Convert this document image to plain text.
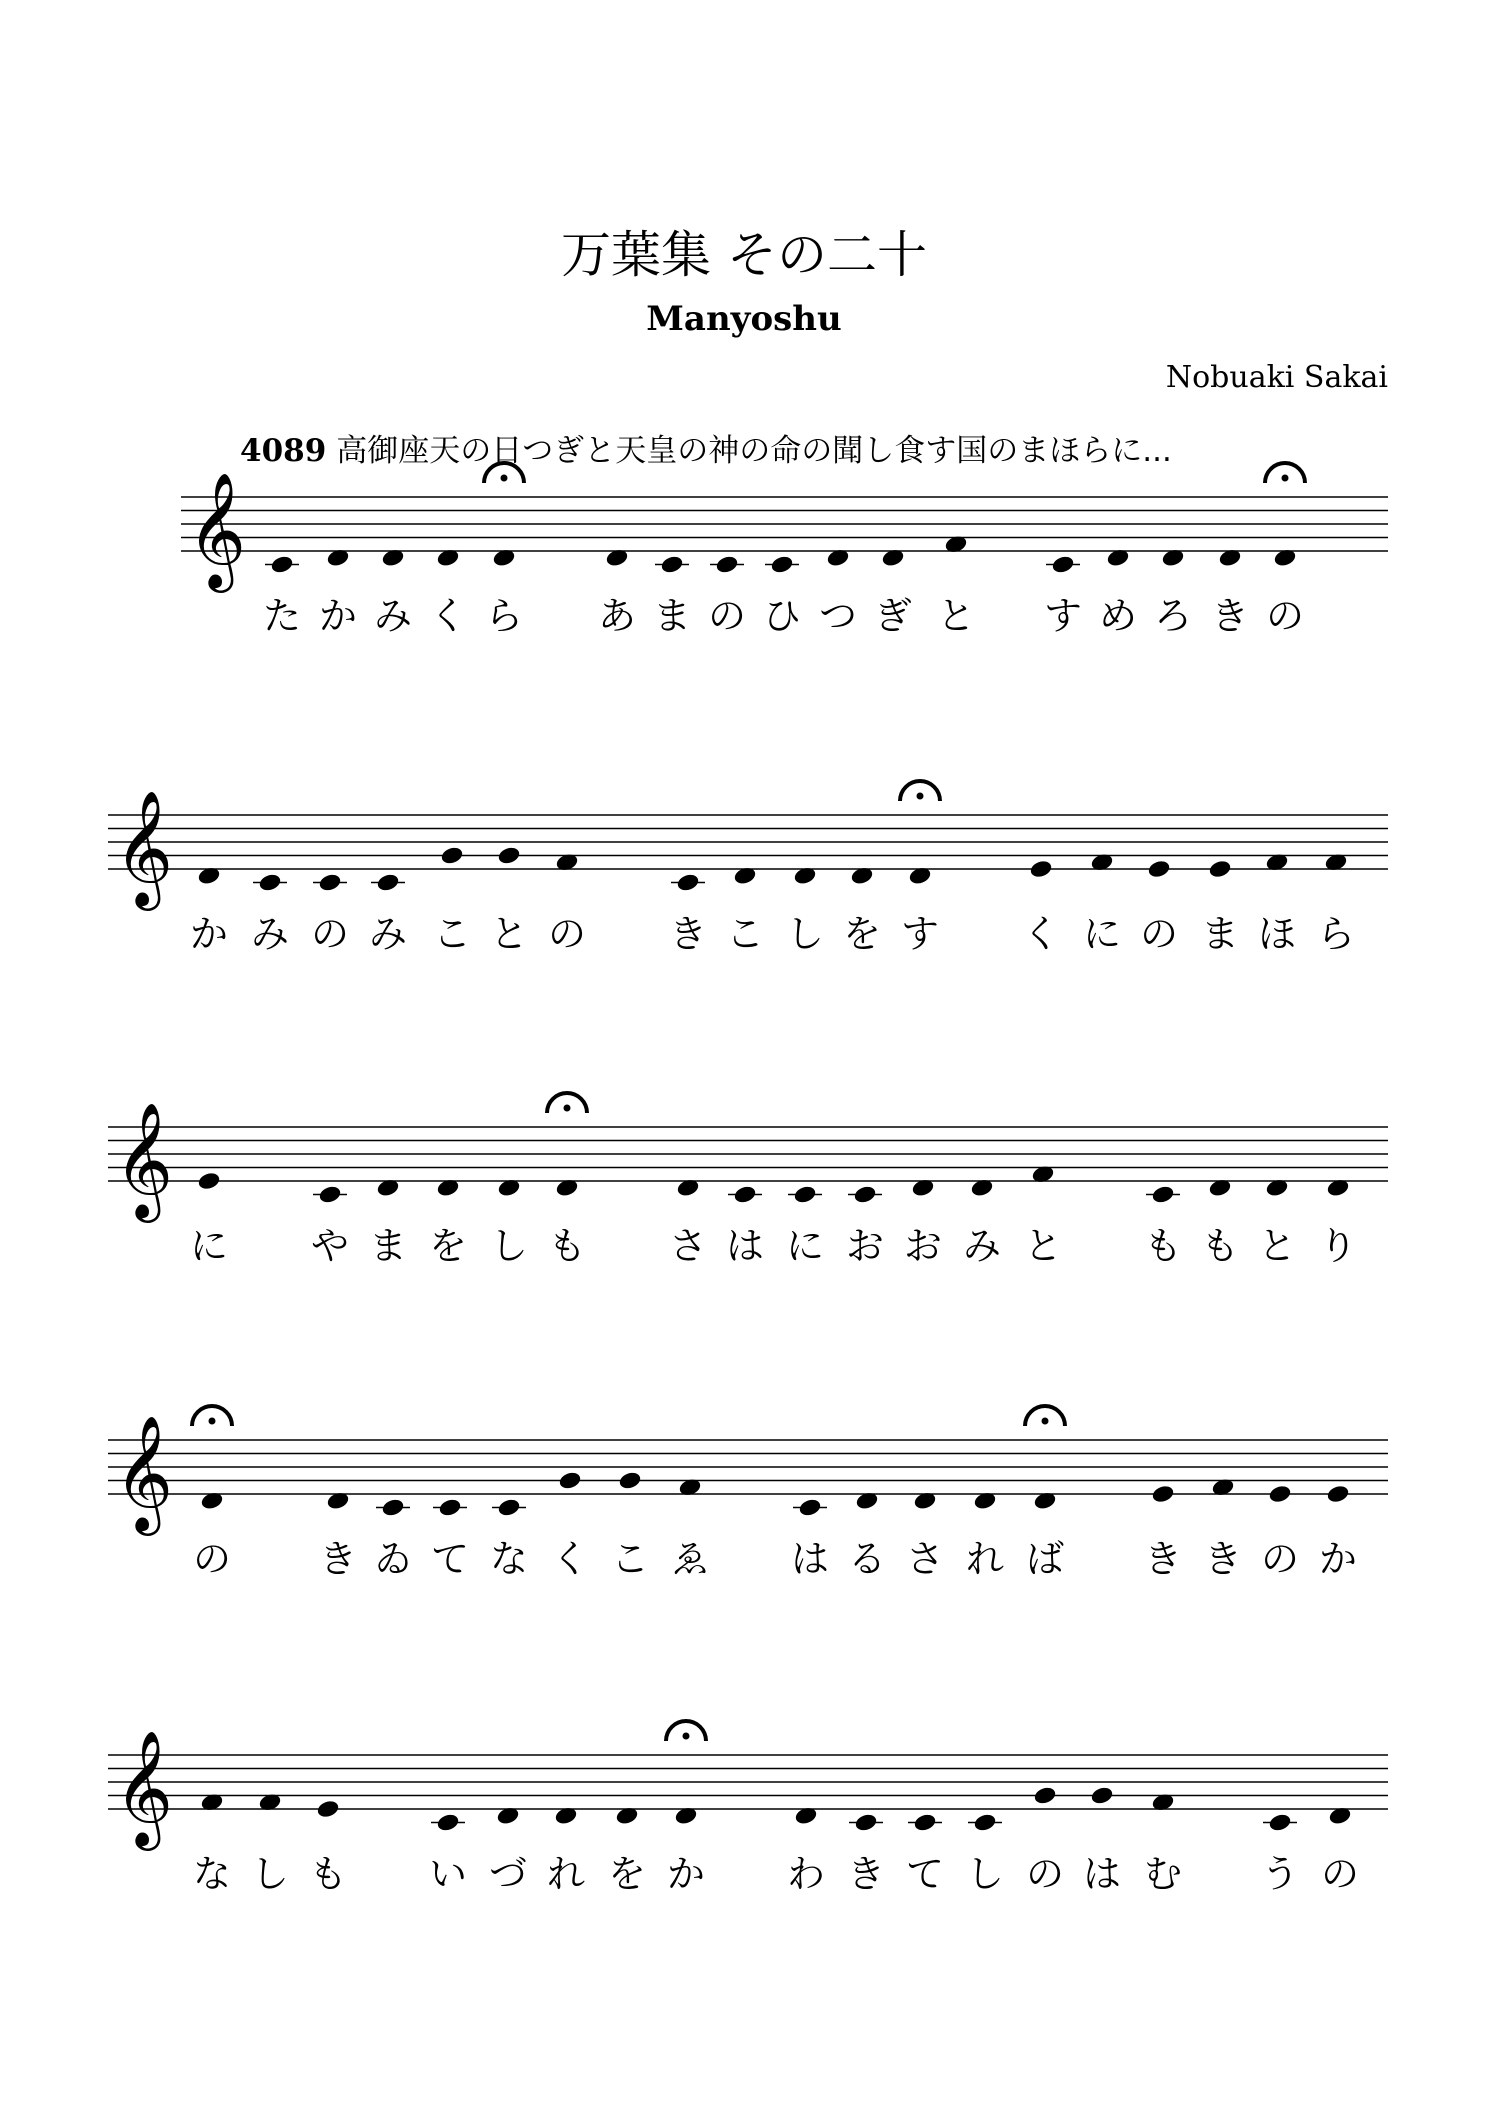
万葉集 その二十
Manyoshu
Nobuaki Sakai
4089 高御座天の日つぎと天皇の神の命の聞し食す国のまほらに...
𝄞
た か み く ら あ ま の ひ つ ぎ と す め ろ き の
𝄞
か み の み こ と の き こ し を す く に の ま ほ ら
𝄞
に や ま を し も さ は に お お み と も も と り
𝄞
の き ゐ て な く こ ゑ は る さ れ ば き き の か
𝄞
な し も い づ れ を か わ き て し の は む う の
